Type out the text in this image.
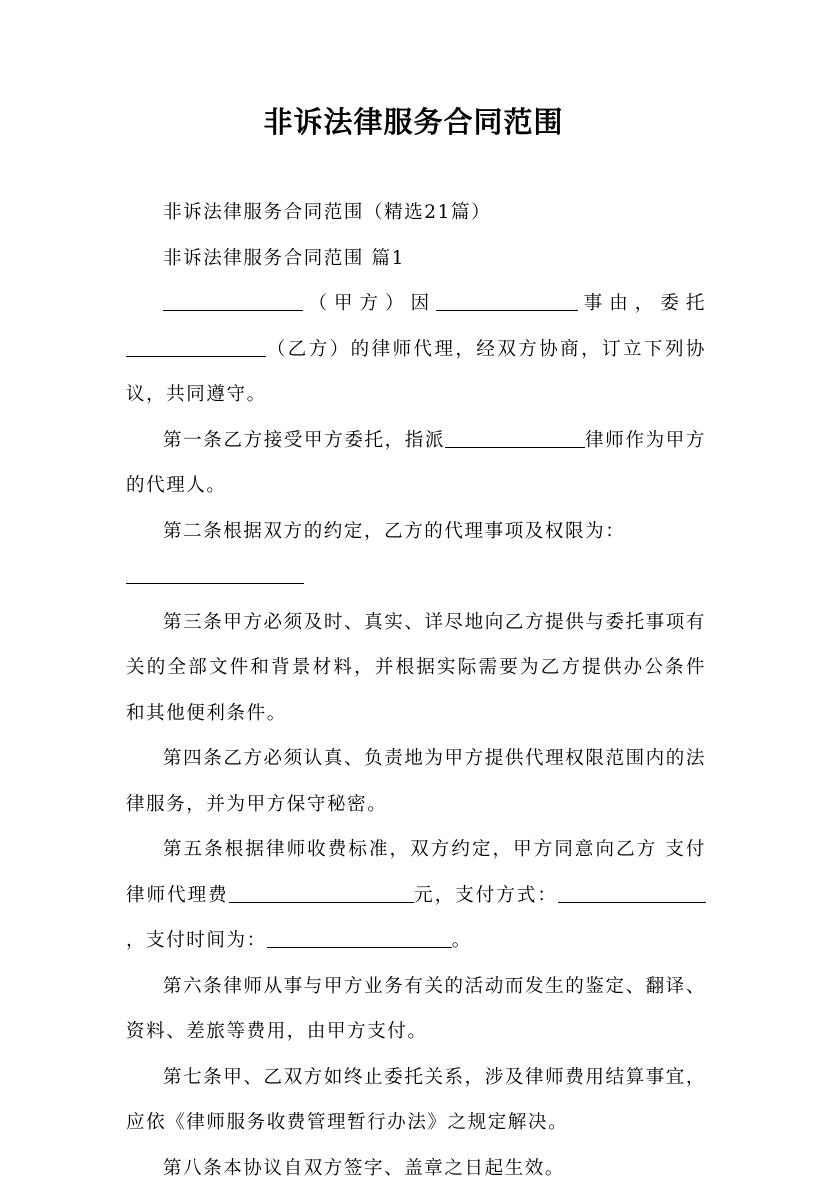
非诉法律服务合同范围

非诉法律服务合同范围（精选21篇）

非诉法律服务合同范围 篇1

（甲方）因	事由，委托（乙方）的律师代理，经双方协商，订立下列协议，共同遵守。

第一条乙方接受甲方委托，指派	律师作为甲方的代理人。

第二条根据双方的约定，乙方的代理事项及权限为：

第三条甲方必须及时、真实、详尽地向乙方提供与委托事项有关的全部文件和背景材料，并根据实际需要为乙方提供办公条件和其他便利条件。

第四条乙方必须认真、负责地为甲方提供代理权限范围内的法律服务，并为甲方保守秘密。

第五条根据律师收费标准，双方约定，甲方同意向乙方 支付律师代理费	元，支付方式：，支付时间为：	。

第六条律师从事与甲方业务有关的活动而发生的鉴定、翻译、资料、差旅等费用，由甲方支付。

第七条甲、乙双方如终止委托关系，涉及律师费用结算事宜，应依《律师服务收费管理暂行办法》之规定解决。

第八条本协议自双方签字、盖章之日起生效。
